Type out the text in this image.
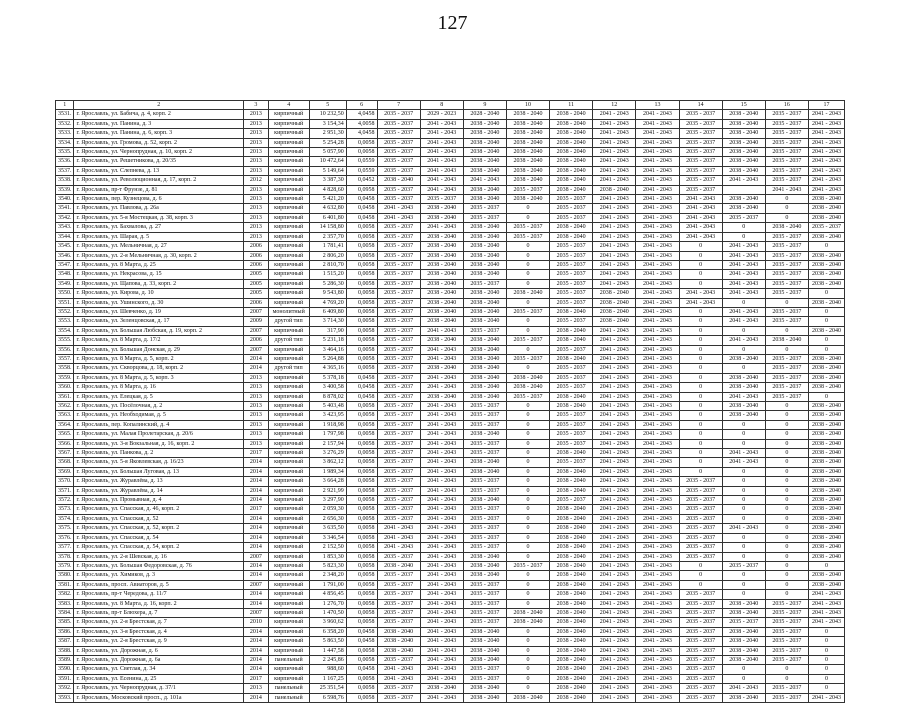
127
1	2	3	4	5	6	7	8	9	10	11	12	13	14	15	16	17
3531.	г. Ярославль, ул. Бабича, д. 4, корп. 2	2013	кирпичный	10 232,50	4,0458	2035 - 2037	2029 - 2023	2028 - 2040	2038 - 2040	2038 - 2040	2041 - 2043	2041 - 2043	2035 - 2037	2038 - 2040	2035 - 2037	2041 - 2043
3532.	г. Ярославль, ул. Панина, д. 3	2013	кирпичный	3 154,34	4,0058	2035 - 2037	2041 - 2043	2038 - 2040	2038 - 2040	2038 - 2040	2041 - 2043	2041 - 2043	2035 - 2037	2038 - 2040	2035 - 2037	2041 - 2043
3533.	г. Ярославль, ул. Панина, д. 6, корп. 3	2013	кирпичный	2 951,30	4,0458	2035 - 2037	2041 - 2043	2038 - 2040	2038 - 2040	2038 - 2040	2041 - 2043	2041 - 2043	2035 - 2037	2038 - 2040	2035 - 2037	2041 - 2043
3534.	г. Ярославль, ул. Громова, д. 52, корп. 2	2013	кирпичный	5 254,28	0,0058	2035 - 2037	2041 - 2043	2038 - 2040	2038 - 2040	2038 - 2040	2041 - 2043	2041 - 2043	2035 - 2037	2038 - 2040	2035 - 2037	2041 - 2043
3535.	г. Ярославль, ул. Чернопрудная, д. 10, корп. 2	2013	кирпичный	5 057,90	0,0058	2035 - 2037	2041 - 2043	2038 - 2040	2038 - 2040	2038 - 2040	2041 - 2043	2041 - 2043	2035 - 2037	2038 - 2040	2035 - 2037	2041 - 2043
3536.	г. Ярославль, ул. Решетникова, д. 20/35	2013	кирпичный	10 472,64	0,0559	2035 - 2037	2041 - 2043	2038 - 2040	2038 - 2040	2038 - 2040	2041 - 2043	2041 - 2043	2035 - 2037	2038 - 2040	2035 - 2037	2041 - 2043
3537.	г. Ярославль, ул. Слепнева, д. 13	2013	кирпичный	5 149,64	0,0559	2035 - 2037	2041 - 2043	2038 - 2040	2038 - 2040	2038 - 2040	2041 - 2043	2041 - 2043	2035 - 2037	2038 - 2040	2035 - 2037	2041 - 2043
3538.	г. Ярославль, ул. Революционная, д. 17, корп. 2	2012	кирпичный	3 387,30	0,0452	2038 - 2040	2041 - 2043	2041 - 2043	2038 - 2040	2038 - 2040	2041 - 2043	2041 - 2043	2035 - 2037	2041 - 2043	2035 - 2037	2041 - 2043
3539.	г. Ярославль, пр-т Фрунзе, д. 81	2013	кирпичный	4 828,60	0,0958	2035 - 2037	2041 - 2043	2038 - 2040	2035 - 2037	2038 - 2040	2038 - 2040	2041 - 2043	2035 - 2037		2041 - 2043	2041 - 2043
3540.	г. Ярославль, пер. Кузнецова, д. 6	2013	кирпичный	5 421,20	0,0458	2035 - 2037	2035 - 2037	2038 - 2040	2038 - 2040	2035 - 2037	2041 - 2043	2041 - 2043	2041 - 2043	2038 - 2040	0	2038 - 2040
3541.	г. Ярославль, ул. Павлова, д. 26а	2013	кирпичный	4 632,80	0,0458	2041 - 2043	2038 - 2040	2035 - 2037	0	2035 - 2037	2041 - 2043	2041 - 2043	2041 - 2043	2038 - 2040	0	2038 - 2040
3542.	г. Ярославль, ул. 5-я Мостецкая, д. 38, корп. 3	2013	кирпичный	6 401,80	0,0458	2041 - 2043	2038 - 2040	2035 - 2037	0	2035 - 2037	2041 - 2043	2041 - 2043	2041 - 2043	2035 - 2037	0	2038 - 2040
3543.	г. Ярославль, ул. Бахвалова, д. 27	2013	кирпичный	14 158,80	0,0058	2035 - 2037	2041 - 2043	2038 - 2040	2035 - 2037	2038 - 2040	2041 - 2043	2041 - 2043	2041 - 2043	0	2038 - 2040	2035 - 2037
3544.	г. Ярославль, ул. Шарая, д. 5	2013	кирпичный	2 357,70	0,0058	2035 - 2037	2038 - 2040	2038 - 2040	2035 - 2037	2038 - 2040	2041 - 2043	2041 - 2043	2041 - 2043	0	2035 - 2037	2038 - 2040
3545.	г. Ярославль, ул. Мельничная, д. 27	2006	кирпичный	1 781,41	0,0058	2035 - 2037	2038 - 2040	2038 - 2040	0	2035 - 2037	2041 - 2043	2041 - 2043	0	2041 - 2043	2035 - 2037	0
3546.	г. Ярославль, ул. 2-я Мельничная, д. 30, корп. 2	2006	кирпичный	2 806,20	0,0058	2035 - 2037	2038 - 2040	2038 - 2040	0	2035 - 2037	2041 - 2043	2041 - 2043	0	2041 - 2043	2035 - 2037	2038 - 2040
3547.	г. Ярославль, ул. 8 Марта, д. 25	2006	кирпичный	2 810,70	0,0058	2035 - 2037	2038 - 2040	2038 - 2040	0	2035 - 2037	2041 - 2043	2041 - 2043	0	2041 - 2043	2035 - 2037	2038 - 2040
3548.	г. Ярославль, ул. Некрасова, д. 15	2005	кирпичный	1 515,20	0,0058	2035 - 2037	2038 - 2040	2038 - 2040	0	2035 - 2037	2041 - 2043	2041 - 2043	0	2041 - 2043	2035 - 2037	2038 - 2040
3549.	г. Ярославль, ул. Щапова, д. 33, корп. 2	2005	кирпичный	5 286,30	0,0058	2035 - 2037	2038 - 2040	2035 - 2037	0	2035 - 2037	2041 - 2043	2041 - 2043	0	2041 - 2043	2035 - 2037	2038 - 2040
3550.	г. Ярославль, ул. Кирова, д. 10	2005	кирпичный	9 543,80	0,0058	2035 - 2037	2038 - 2040	2038 - 2040	2038 - 2040	2035 - 2037	2038 - 2040	2041 - 2043	2041 - 2043	2041 - 2043	2035 - 2037	0
3551.	г. Ярославль, ул. Ушинского, д. 30	2006	кирпичный	4 769,20	0,0058	2035 - 2037	2038 - 2040	2038 - 2040	0	2035 - 2037	2038 - 2040	2041 - 2043	2041 - 2043	0	0	2038 - 2040
3552.	г. Ярославль, ул. Шевченко, д. 19	2007	монолитный	6 409,80	0,0058	2035 - 2037	2038 - 2040	2038 - 2040	2035 - 2037	2038 - 2040	2038 - 2040	2041 - 2043	0	2041 - 2043	2035 - 2037	0
3553.	г. Ярославль, ул. Зеленцовская, д. 17	2009	другой тип	3 714,30	0,0058	2035 - 2037	2038 - 2040	2038 - 2040	0	2035 - 2037	2038 - 2040	2041 - 2043	0	2041 - 2043	2035 - 2037	0
3554.	г. Ярославль, ул. Большая Любская, д. 19, корп. 2	2007	кирпичный	317,90	0,0058	2035 - 2037	2041 - 2043	2035 - 2037	0	2038 - 2040	2041 - 2043	2041 - 2043	0	0	0	2038 - 2040
3555.	г. Ярославль, ул. 8 Марта, д. 17/2	2006	другой тип	5 231,18	0,0058	2035 - 2037	2038 - 2040	2038 - 2040	2035 - 2037	2038 - 2040	2041 - 2043	2041 - 2043	0	2041 - 2043	2038 - 2040	0
3556.	г. Ярославль, ул. Большая Донская, д. 29	2007	кирпичный	3 464,16	0,0058	2035 - 2037	2041 - 2043	2038 - 2040	0	2035 - 2037	2041 - 2043	2041 - 2043	0	0	0	0
3557.	г. Ярославль, ул. 8 Марта, д. 5, корп. 2	2014	кирпичный	5 264,88	0,0058	2035 - 2037	2041 - 2043	2038 - 2040	2035 - 2037	2038 - 2040	2041 - 2043	2041 - 2043	0	2038 - 2040	2035 - 2037	2038 - 2040
3558.	г. Ярославль, ул. Скворцова, д. 18, корп. 2	2014	другой тип	4 365,16	0,0058	2035 - 2037	2038 - 2040	2038 - 2040	0	2035 - 2037	2041 - 2043	2041 - 2043	0	0	2035 - 2037	2038 - 2040
3559.	г. Ярославль, ул. 8 Марта, д. 5, корп. 3	2013	кирпичный	5 378,18	0,0458	2035 - 2037	2041 - 2043	2038 - 2040	2038 - 2040	2035 - 2037	2041 - 2043	2041 - 2043	0	2038 - 2040	2035 - 2037	2038 - 2040
3560.	г. Ярославль, ул. 8 Марта, д. 16	2013	кирпичный	3 400,58	0,0458	2035 - 2037	2041 - 2043	2038 - 2040	2038 - 2040	2035 - 2037	2041 - 2043	2041 - 2043	0	2038 - 2040	2035 - 2037	2038 - 2040
3561.	г. Ярославль, ул. Елецкая, д. 5	2013	кирпичный	8 878,02	0,0458	2035 - 2037	2038 - 2040	2038 - 2040	2035 - 2037	2038 - 2040	2041 - 2043	2041 - 2043	0	2041 - 2043	2035 - 2037	0
3562.	г. Ярославль, ул. Посёлочная, д. 2	2013	кирпичный	5 403,48	0,0058	2035 - 2037	2041 - 2043	2035 - 2037	0	2038 - 2040	2041 - 2043	2041 - 2043	0	2038 - 2040	0	2038 - 2040
3563.	г. Ярославль, ул. Необходимая, д. 5	2013	кирпичный	3 423,95	0,0058	2035 - 2037	2041 - 2043	2035 - 2037	0	2035 - 2037	2041 - 2043	2041 - 2043	0	2038 - 2040	0	2038 - 2040
3564.	г. Ярославль, пер. Копалинский, д. 4	2013	кирпичный	1 918,98	0,0058	2035 - 2037	2041 - 2043	2035 - 2037	0	2035 - 2037	2041 - 2043	2041 - 2043	0	0	0	2038 - 2040
3565.	г. Ярославль, ул. Малая Пролетарская, д. 20/6	2013	кирпичный	1 797,98	0,0058	2035 - 2037	2041 - 2043	2038 - 2040	0	2035 - 2037	2041 - 2043	2041 - 2043	0	0	0	2038 - 2040
3566.	г. Ярославль, ул. 3-я Вокзальная, д. 16, корп. 2	2013	кирпичный	2 157,94	0,0058	2035 - 2037	2041 - 2043	2035 - 2037	0	2035 - 2037	2041 - 2043	2041 - 2043	0	0	0	2038 - 2040
3567.	г. Ярославль, ул. Панкова, д. 2	2017	кирпичный	3 276,29	0,0058	2035 - 2037	2041 - 2043	2035 - 2037	0	2038 - 2040	2041 - 2043	2041 - 2043	0	2041 - 2043	0	2038 - 2040
3568.	г. Ярославль, ул. 5-я Яковлевская, д. 16/23	2014	кирпичный	3 862,12	0,0058	2035 - 2037	2041 - 2043	2038 - 2040	0	2035 - 2037	2041 - 2043	2041 - 2043	0	2041 - 2043	0	2038 - 2040
3569.	г. Ярославль, ул. Большая Луговая, д. 13	2014	кирпичный	1 989,34	0,0058	2035 - 2037	2041 - 2043	2038 - 2040	0	2038 - 2040	2041 - 2043	2041 - 2043	0	0	0	2038 - 2040
3570.	г. Ярославль, ул. Журавлёва, д. 13	2014	кирпичный	3 664,28	0,0058	2035 - 2037	2041 - 2043	2035 - 2037	0	2038 - 2040	2041 - 2043	2041 - 2043	2035 - 2037	0	0	2038 - 2040
3571.	г. Ярославль, ул. Журавлёва, д. 14	2014	кирпичный	2 921,99	0,0058	2035 - 2037	2041 - 2043	2035 - 2037	0	2038 - 2040	2041 - 2043	2041 - 2043	2035 - 2037	0	0	2038 - 2040
3572.	г. Ярославль, ул. Промывная, д. 4	2014	кирпичный	3 297,90	0,0058	2035 - 2037	2041 - 2043	2038 - 2040	0	2035 - 2037	2041 - 2043	2041 - 2043	2035 - 2037	0	0	2038 - 2040
3573.	г. Ярославль, ул. Спасская, д. 46, корп. 2	2017	кирпичный	2 059,30	0,0058	2035 - 2037	2041 - 2043	2035 - 2037	0	2038 - 2040	2041 - 2043	2041 - 2043	2035 - 2037	0	0	2038 - 2040
3574.	г. Ярославль, ул. Спасская, д. 52	2014	кирпичный	2 656,30	0,0058	2035 - 2037	2041 - 2043	2035 - 2037	0	2038 - 2040	2041 - 2043	2041 - 2043	2035 - 2037	0	0	2038 - 2040
3575.	г. Ярославль, ул. Спасская, д. 52, корп. 2	2014	кирпичный	3 635,50	0,0058	2041 - 2043	2041 - 2043	2035 - 2037	0	2038 - 2040	2041 - 2043	2041 - 2043	2035 - 2037	2041 - 2043	0	2038 - 2040
3576.	г. Ярославль, ул. Спасская, д. 54	2014	кирпичный	3 346,54	0,0058	2041 - 2043	2041 - 2043	2035 - 2037	0	2038 - 2040	2041 - 2043	2041 - 2043	2035 - 2037	0	0	2038 - 2040
3577.	г. Ярославль, ул. Спасская, д. 54, корп. 2	2014	кирпичный	2 152,50	0,0058	2041 - 2043	2041 - 2043	2035 - 2037	0	2038 - 2040	2041 - 2043	2041 - 2043	2035 - 2037	0	0	2038 - 2040
3578.	г. Ярославль, ул. 2-я Шевская, д. 16	2007	кирпичный	1 853,30	0,0058	2035 - 2037	2041 - 2043	2038 - 2040	0	2038 - 2040	2041 - 2043	2041 - 2043	2035 - 2037	0	0	2038 - 2040
3579.	г. Ярославль, ул. Большая Федоровская, д. 76	2014	кирпичный	5 823,30	0,0058	2038 - 2040	2041 - 2043	2038 - 2040	2035 - 2037	2038 - 2040	2041 - 2043	2041 - 2043	0	2035 - 2037	0	0
3580.	г. Ярославль, ул. Химиков, д. 3	2014	кирпичный	2 348,20	0,0058	2035 - 2037	2041 - 2043	2038 - 2040	0	2038 - 2040	2041 - 2043	2041 - 2043	0	0	0	2038 - 2040
3581.	г. Ярославль, просп. Авиаторов, д. 5	2007	кирпичный	1 791,00	0,0058	2035 - 2037	2041 - 2043	2035 - 2037	0	2038 - 2040	2041 - 2043	2041 - 2043	0	0	0	2038 - 2040
3582.	г. Ярославль, пр-т Чередова, д. 11/7	2014	кирпичный	4 856,45	0,0058	2035 - 2037	2041 - 2043	2035 - 2037	0	2038 - 2040	2041 - 2043	2041 - 2043	2035 - 2037	0	0	2041 - 2043
3583.	г. Ярославль, ул. 8 Марта, д. 16, корп. 2	2014	кирпичный	1 276,70	0,0058	2035 - 2037	2041 - 2043	2035 - 2037	0	2038 - 2040	2041 - 2043	2041 - 2043	2035 - 2037	2038 - 2040	2035 - 2037	2041 - 2043
3584.	г. Ярославль, пр-т Блюхера, д. 7	2007	кирпичный	1 470,50	0,0058	2035 - 2037	2041 - 2043	2035 - 2037	2038 - 2040	2038 - 2040	2041 - 2043	2041 - 2043	2035 - 2037	2038 - 2040	2035 - 2037	2041 - 2043
3585.	г. Ярославль, ул. 2-я Брестская, д. 7	2010	кирпичный	3 960,62	0,0058	2035 - 2037	2041 - 2043	2035 - 2037	2038 - 2040	2038 - 2040	2041 - 2043	2041 - 2043	2035 - 2037	2035 - 2037	2035 - 2037	2041 - 2043
3586.	г. Ярославль, ул. 3-я Брестская, д. 4	2014	кирпичный	6 358,20	0,0458	2038 - 2040	2041 - 2043	2038 - 2040	0	2038 - 2040	2041 - 2043	2041 - 2043	2035 - 2037	2038 - 2040	2035 - 2037	0
3587.	г. Ярославль, ул. 2-я Брестская, д. 9	2014	кирпичный	5 863,50	0,0458	2038 - 2040	2041 - 2043	2038 - 2040	0	2038 - 2040	2041 - 2043	2041 - 2043	2035 - 2037	2038 - 2040	2035 - 2037	0
3588.	г. Ярославль, ул. Дорожная, д. 6	2014	кирпичный	1 447,58	0,0058	2038 - 2040	2041 - 2043	2038 - 2040	0	2038 - 2040	2041 - 2043	2041 - 2043	2035 - 2037	2038 - 2040	2035 - 2037	0
3589.	г. Ярославль, ул. Дорожная, д. 6а	2014	панельный	2 245,86	0,0058	2035 - 2037	2041 - 2043	2038 - 2040	0	2038 - 2040	2041 - 2043	2041 - 2043	2035 - 2037	2038 - 2040	2035 - 2037	0
3590.	г. Ярославль, ул. Светлая, д. 34	2014	кирпичный	988,60	0,0458	2041 - 2043	2041 - 2043	2035 - 2037	0	2038 - 2040	2041 - 2043	2041 - 2043	2035 - 2037	0	0	0
3591.	г. Ярославль, ул. Есенина, д. 25	2017	кирпичный	1 167,25	0,0058	2041 - 2043	2041 - 2043	2035 - 2037	0	2038 - 2040	2041 - 2043	2041 - 2043	2035 - 2037	0	0	0
3592.	г. Ярославль, ул. Чернопрудная, д. 37/1	2013	панельный	25 351,54	0,0058	2035 - 2037	2038 - 2040	2038 - 2040	0	2038 - 2040	2041 - 2043	2041 - 2043	2035 - 2037	2041 - 2043	2035 - 2037	0
3593.	г. Ярославль, Московский просп., д. 101а	2014	панельный	6 598,76	0,0058	2035 - 2037	2041 - 2043	2038 - 2040	2038 - 2040	2038 - 2040	2041 - 2043	2041 - 2043	2035 - 2037	2038 - 2040	2035 - 2037	2041 - 2043
